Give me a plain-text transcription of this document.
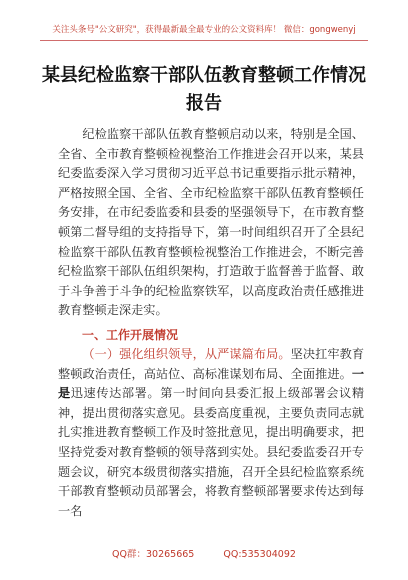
关注头条号"公文研究"，获得最新最全最专业的公文资料库！ 微信：gongwenyj
某县纪检监察干部队伍教育整顿工作情况
报告

纪检监察干部队伍教育整顿启动以来，特别是全国、全省、全市教育整顿检视整治工作推进会召开以来，某县纪委监委深入学习贯彻习近平总书记重要指示批示精神，严格按照全国、全省、全市纪检监察干部队伍教育整顿任务安排，在市纪委监委和县委的坚强领导下，在市教育整顿第二督导组的支持指导下，第一时间组织召开了全县纪检监察干部队伍教育整顿检视整治工作推进会，不断完善纪检监察干部队伍组织架构，打造敢于监督善于监督、敢于斗争善于斗争的纪检监察铁军，以高度政治责任感推进教育整顿走深走实。

一、工作开展情况

（一）强化组织领导，从严谋篇布局。坚决扛牢教育整顿政治责任，高站位、高标准谋划布局、全面推进。一是迅速传达部署。第一时间向县委汇报上级部署会议精神，提出贯彻落实意见。县委高度重视，主要负责同志就扎实推进教育整顿工作及时签批意见，提出明确要求，把坚持党委对教育整顿的领导落到实处。县纪委监委召开专题会议，研究本级贯彻落实措施，召开全县纪检监察系统干部教育整顿动员部署会，将教育整顿部署要求传达到每一名

QQ群：30265665	QQ:535304092
